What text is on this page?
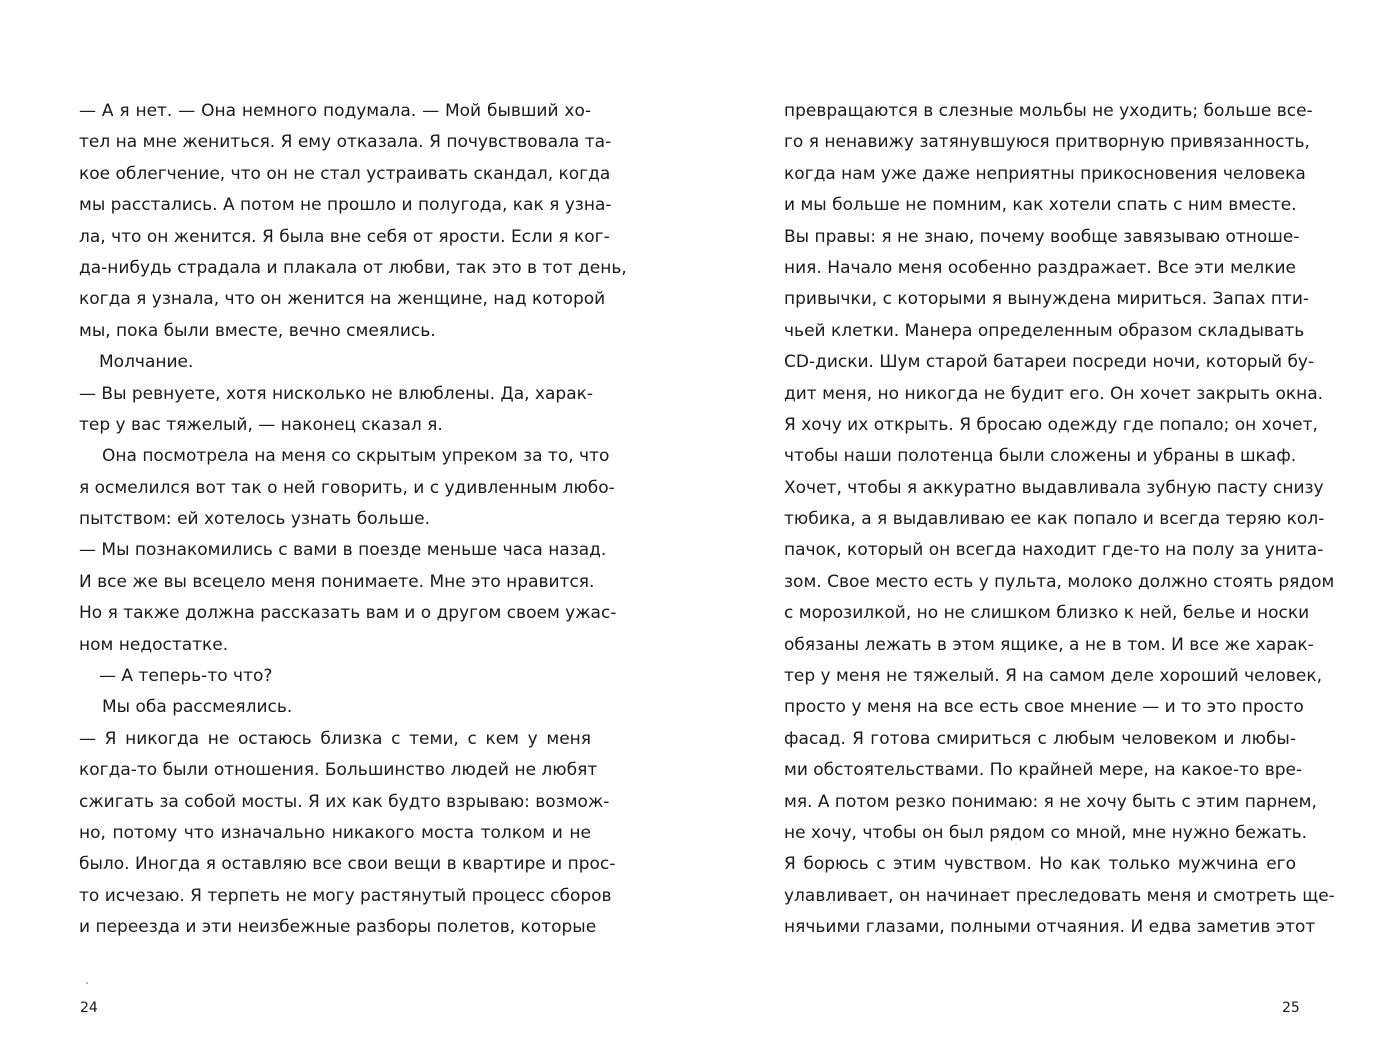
— А я нет. — Она немного подумала. — Мой бывший хо-
тел на мне жениться. Я ему отказала. Я почувствовала та-
кое облегчение, что он не стал устраивать скандал, когда
мы расстались. А потом не прошло и полугода, как я узна-
ла, что он женится. Я была вне себя от ярости. Если я ког-
да-нибудь страдала и плакала от любви, так это в тот день,
когда я узнала, что он женится на женщине, над которой
мы, пока были вместе, вечно смеялись.
Молчание.
— Вы ревнуете, хотя нисколько не влюблены. Да, харак-
тер у вас тяжелый, — наконец сказал я.
Она посмотрела на меня со скрытым упреком за то, что
я осмелился вот так о ней говорить, и с удивленным любо-
пытством: ей хотелось узнать больше.
— Мы познакомились с вами в поезде меньше часа назад.
И все же вы всецело меня понимаете. Мне это нравится.
Но я также должна рассказать вам и о другом своем ужас-
ном недостатке.
— А теперь-то что?
Мы оба рассмеялись.
— Я никогда не остаюсь близка с теми, с кем у меня
когда-то были отношения. Большинство людей не любят
сжигать за собой мосты. Я их как будто взрываю: возмож-
но, потому что изначально никакого моста толком и не
было. Иногда я оставляю все свои вещи в квартире и прос-
то исчезаю. Я терпеть не могу растянутый процесс сборов
и переезда и эти неизбежные разборы полетов, которые
24
превращаются в слезные мольбы не уходить; больше все-
го я ненавижу затянувшуюся притворную привязанность,
когда нам уже даже неприятны прикосновения человека
и мы больше не помним, как хотели спать с ним вместе.
Вы правы: я не знаю, почему вообще завязываю отноше-
ния. Начало меня особенно раздражает. Все эти мелкие
привычки, с которыми я вынуждена мириться. Запах пти-
чьей клетки. Манера определенным образом складывать
CD-диски. Шум старой батареи посреди ночи, который бу-
дит меня, но никогда не будит его. Он хочет закрыть окна.
Я хочу их открыть. Я бросаю одежду где попало; он хочет,
чтобы наши полотенца были сложены и убраны в шкаф.
Хочет, чтобы я аккуратно выдавливала зубную пасту снизу
тюбика, а я выдавливаю ее как попало и всегда теряю кол-
пачок, который он всегда находит где-то на полу за унита-
зом. Свое место есть у пульта, молоко должно стоять рядом
с морозилкой, но не слишком близко к ней, белье и носки
обязаны лежать в этом ящике, а не в том. И все же харак-
тер у меня не тяжелый. Я на самом деле хороший человек,
просто у меня на все есть свое мнение — и то это просто
фасад. Я готова смириться с любым человеком и любы-
ми обстоятельствами. По крайней мере, на какое-то вре-
мя. А потом резко понимаю: я не хочу быть с этим парнем,
не хочу, чтобы он был рядом со мной, мне нужно бежать.
Я борюсь с этим чувством. Но как только мужчина его
улавливает, он начинает преследовать меня и смотреть ще-
нячьими глазами, полными отчаяния. И едва заметив этот
25
